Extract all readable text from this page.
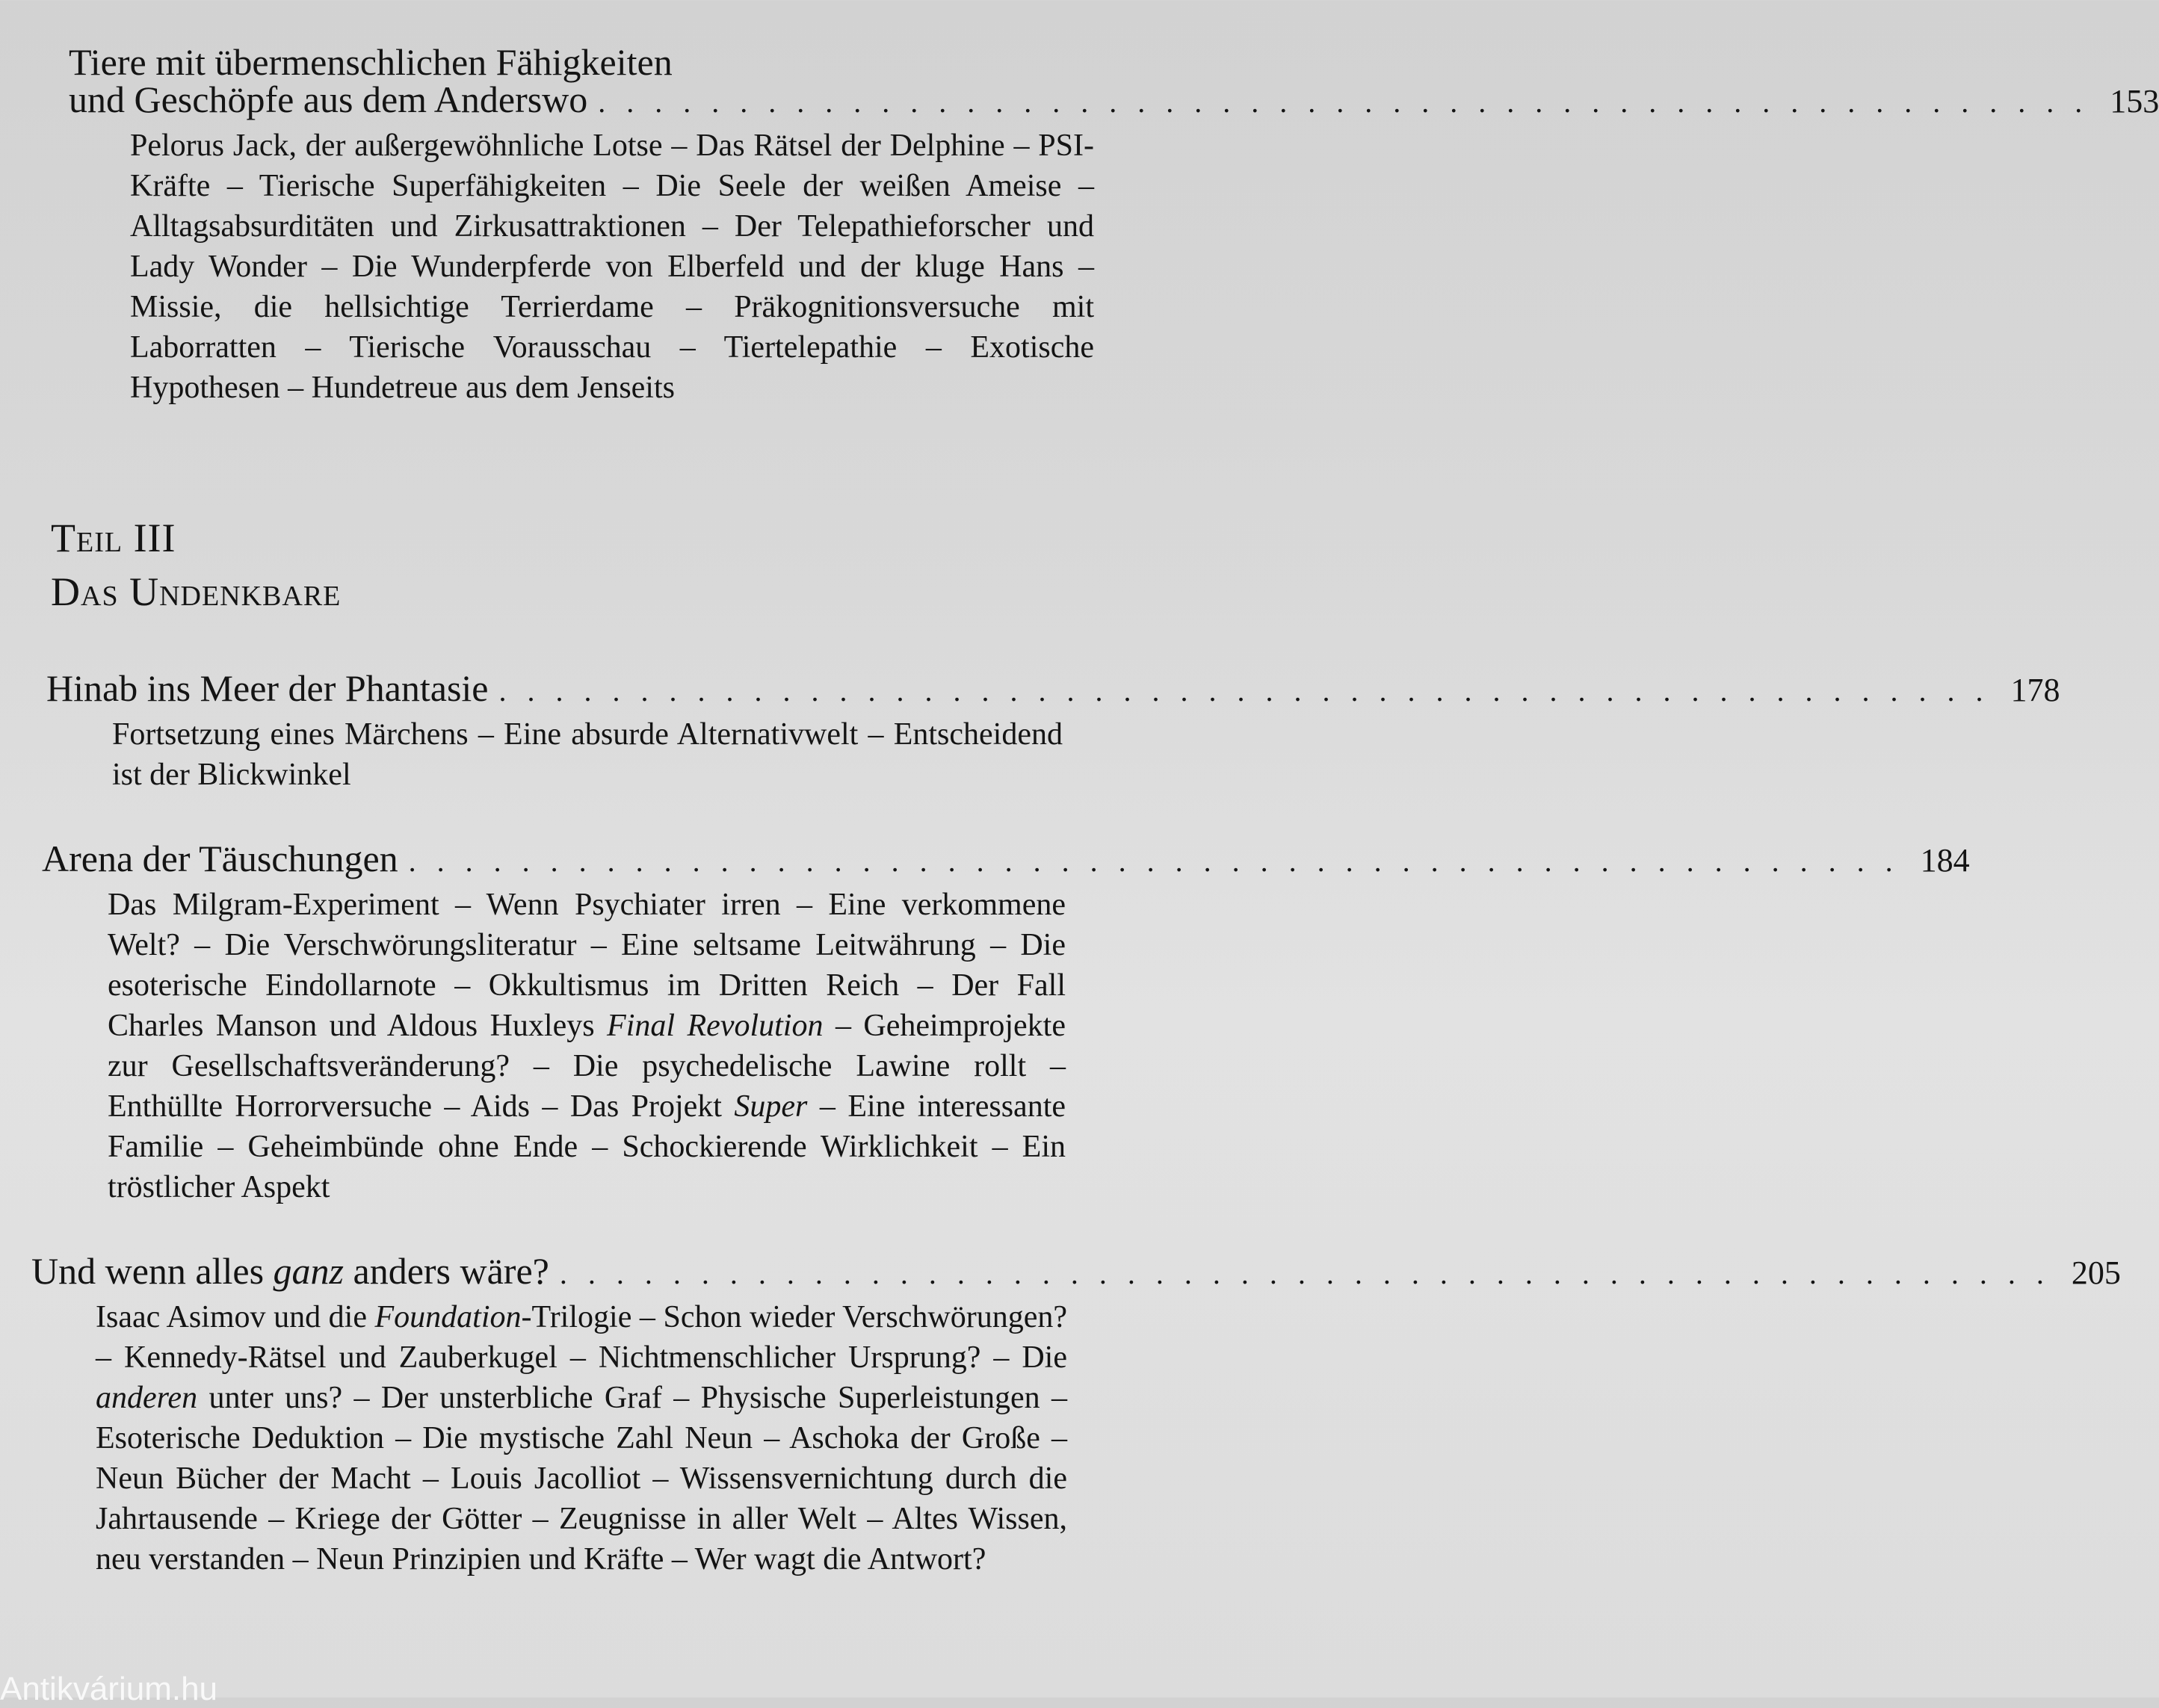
Tiere mit übermenschlichen Fähigkeiten
und Geschöpfe aus dem Anderswo . . . . . . . . . . . . . . . . . . . . . . . . . . . . . . . . . . . . . . . . . . . . . . . . . . . . . 153
Pelorus Jack, der außergewöhnliche Lotse – Das Rätsel der Delphine – PSI-Kräfte – Tierische Superfähigkeiten – Die Seele der weißen Ameise – Alltagsabsurditäten und Zirkusattraktionen – Der Telepathieforscher und Lady Wonder – Die Wunderpferde von Elberfeld und der kluge Hans – Missie, die hellsichtige Terrierdame – Präkognitionsversuche mit Laborratten – Tierische Vorausschau – Tiertelepathie – Exotische Hypothesen – Hundetreue aus dem Jenseits
Teil III
Das Undenkbare
Hinab ins Meer der Phantasie . . . . . . . . . . . . . . . . . . . . . . . . . . . . . . . . . . . . . . . . . . . . . . . . . . . . . 178
Fortsetzung eines Märchens – Eine absurde Alternativwelt – Entscheidend ist der Blickwinkel
Arena der Täuschungen . . . . . . . . . . . . . . . . . . . . . . . . . . . . . . . . . . . . . . . . . . . . . . . . . . . . . 184
Das Milgram-Experiment – Wenn Psychiater irren – Eine verkommene Welt? – Die Verschwörungsliteratur – Eine seltsame Leitwährung – Die esoterische Eindollarnote – Okkultismus im Dritten Reich – Der Fall Charles Manson und Aldous Huxleys Final Revolution – Geheimprojekte zur Gesellschaftsveränderung? – Die psychedelische Lawine rollt – Enthüllte Horrorversuche – Aids – Das Projekt Super – Eine interessante Familie – Geheimbünde ohne Ende – Schockierende Wirklichkeit – Ein tröstlicher Aspekt
Und wenn alles ganz anders wäre? . . . . . . . . . . . . . . . . . . . . . . . . . . . . . . . . . . . . . . . . . . . . . . . . . . . . . 205
Isaac Asimov und die Foundation-Trilogie – Schon wieder Verschwörungen? – Kennedy-Rätsel und Zauberkugel – Nichtmenschlicher Ursprung? – Die anderen unter uns? – Der unsterbliche Graf – Physische Superleistungen – Esoterische Deduktion – Die mystische Zahl Neun – Aschoka der Große – Neun Bücher der Macht – Louis Jacolliot – Wissensvernichtung durch die Jahrtausende – Kriege der Götter – Zeugnisse in aller Welt – Altes Wissen, neu verstanden – Neun Prinzipien und Kräfte – Wer wagt die Antwort?
Antikvárium.hu
